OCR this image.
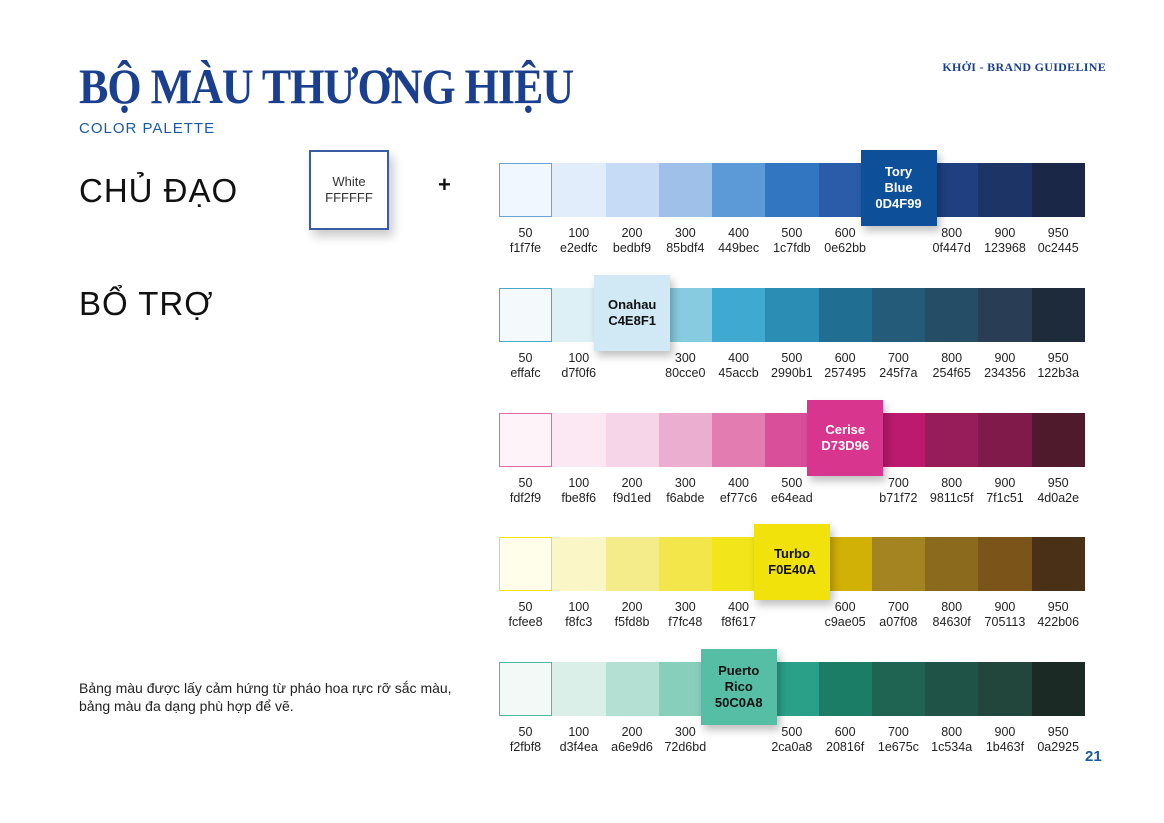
BỘ MÀU THƯƠNG HIỆU
COLOR PALETTE
KHỞI - BRAND GUIDELINE
CHỦ ĐẠO
BỔ TRỢ
White
FFFFFF
+
50
f1f7fe
100
e2edfc
200
bedbf9
300
85bdf4
400
449bec
500
1c7fdb
600
0e62bb
800
0f447d
900
123968
950
0c2445
Tory
Blue
0D4F99
50
effafc
100
d7f0f6
300
80cce0
400
45accb
500
2990b1
600
257495
700
245f7a
800
254f65
900
234356
950
122b3a
Onahau
C4E8F1
50
fdf2f9
100
fbe8f6
200
f9d1ed
300
f6abde
400
ef77c6
500
e64ead
700
b71f72
800
9811c5f
900
7f1c51
950
4d0a2e
Cerise
D73D96
50
fcfee8
100
f8fc3
200
f5fd8b
300
f7fc48
400
f8f617
600
c9ae05
700
a07f08
800
84630f
900
705113
950
422b06
Turbo
F0E40A
50
f2fbf8
100
d3f4ea
200
a6e9d6
300
72d6bd
500
2ca0a8
600
20816f
700
1e675c
800
1c534a
900
1b463f
950
0a2925
Puerto
Rico
50C0A8
Bảng màu được lấy cảm hứng từ pháo hoa rực rỡ sắc màu, bảng màu đa dạng phù hợp để vẽ.
21
